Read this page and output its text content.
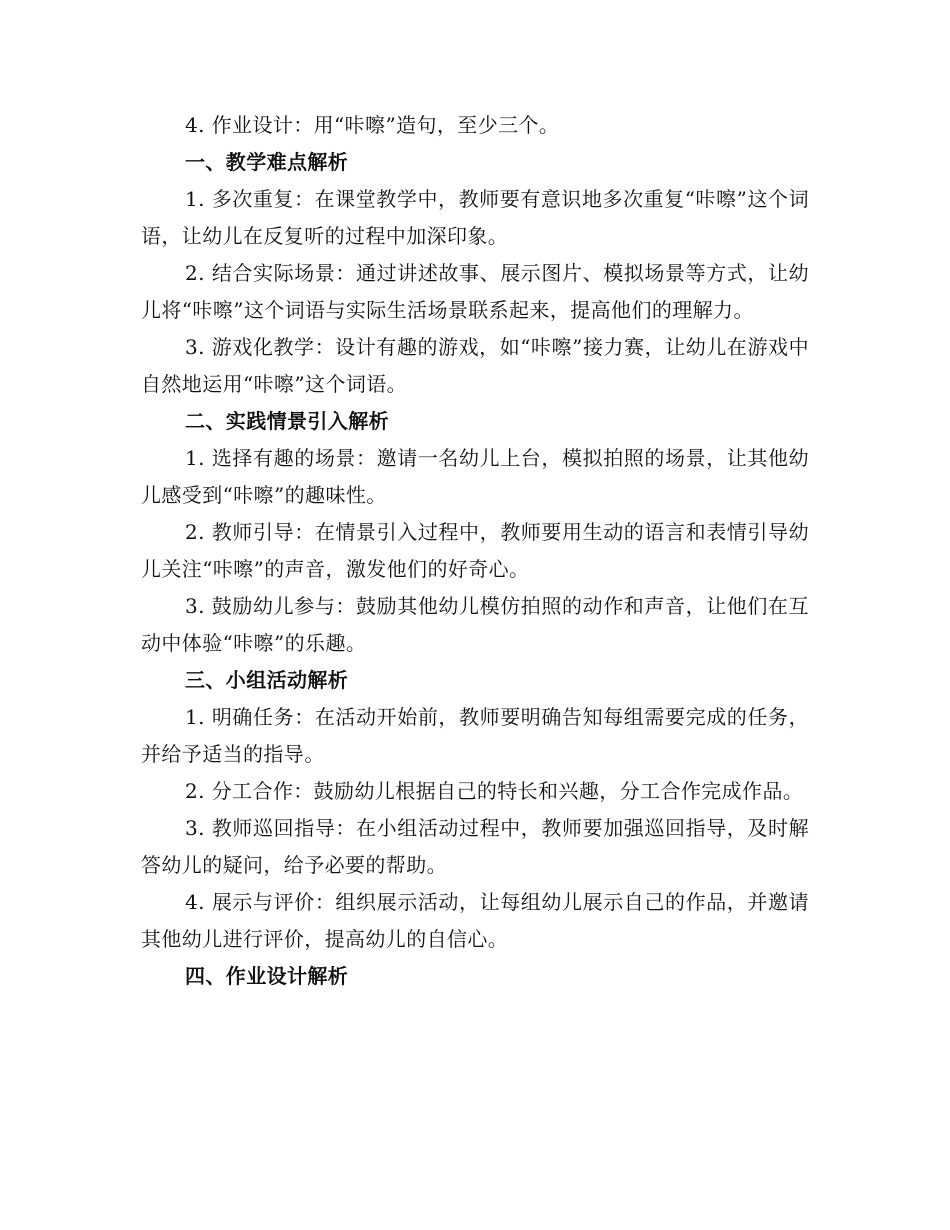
4. 作业设计：用“咔嚓”造句，至少三个。

一、教学难点解析

1. 多次重复：在课堂教学中，教师要有意识地多次重复“咔嚓”这个词语，让幼儿在反复听的过程中加深印象。

2. 结合实际场景：通过讲述故事、展示图片、模拟场景等方式，让幼儿将“咔嚓”这个词语与实际生活场景联系起来，提高他们的理解力。

3. 游戏化教学：设计有趣的游戏，如“咔嚓”接力赛，让幼儿在游戏中自然地运用“咔嚓”这个词语。

二、实践情景引入解析

1. 选择有趣的场景：邀请一名幼儿上台，模拟拍照的场景，让其他幼儿感受到“咔嚓”的趣味性。

2. 教师引导：在情景引入过程中，教师要用生动的语言和表情引导幼儿关注“咔嚓”的声音，激发他们的好奇心。

3. 鼓励幼儿参与：鼓励其他幼儿模仿拍照的动作和声音，让他们在互动中体验“咔嚓”的乐趣。

三、小组活动解析

1. 明确任务：在活动开始前，教师要明确告知每组需要完成的任务，并给予适当的指导。

2. 分工合作：鼓励幼儿根据自己的特长和兴趣，分工合作完成作品。

3. 教师巡回指导：在小组活动过程中，教师要加强巡回指导，及时解答幼儿的疑问，给予必要的帮助。

4. 展示与评价：组织展示活动，让每组幼儿展示自己的作品，并邀请其他幼儿进行评价，提高幼儿的自信心。

四、作业设计解析
